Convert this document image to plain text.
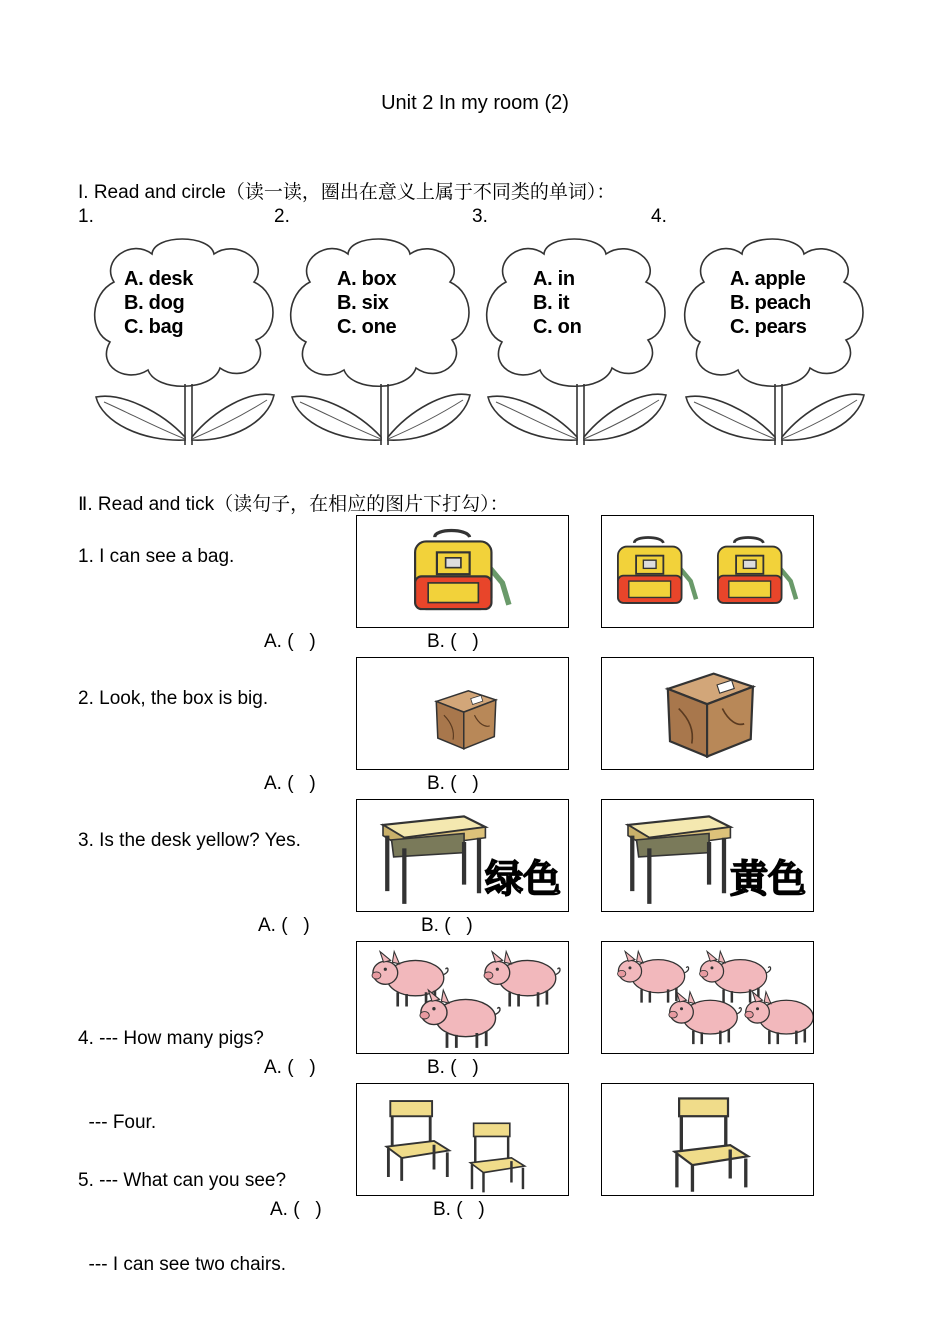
Unit 2 In my room (2)
I. Read and circle（读一读，圈出在意义上属于不同类的单词）：
1.	2.	3.	4.
A. desk
B. dog
C. bag
A. box
B. six
C. one
A. in
B. it
C. on
A. apple
B. peach
C. pears
Ⅱ. Read and tick（读句子，在相应的图片下打勾）：
1. I can see a bag.
A. (   )	B. (   )
2. Look, the box is big.
A. (   )	B. (   )
3. Is the desk yellow? Yes.
绿色	黄色
A. (   )	B. (   )

4. --- How many pigs?

--- Four.

A. (   )	B. (   )

5. --- What can you see?

--- I can see two chairs.

A. (   )	B. (   )
